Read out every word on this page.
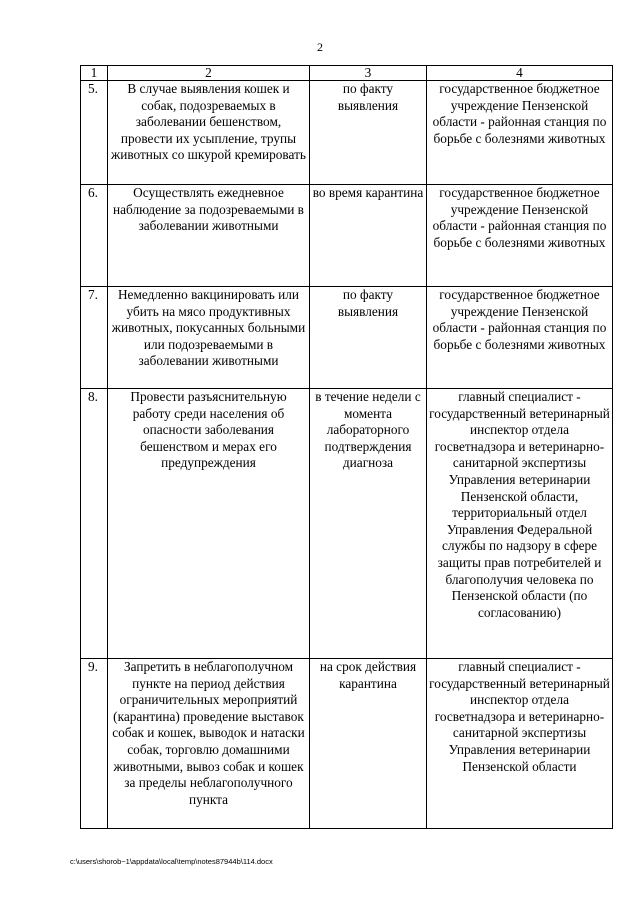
2
1	2	3	4
5.	В случае выявления кошек и собак, подозреваемых в заболевании бешенством, провести их усыпление, трупы животных со шкурой кремировать	по факту выявления	государственное бюджетное учреждение Пензенской области - районная станция по борьбе с болезнями животных
6.	Осуществлять ежедневное наблюдение за подозреваемыми в заболевании животными	во время карантина	государственное бюджетное учреждение Пензенской области - районная станция по борьбе с болезнями животных
7.	Немедленно вакцинировать или убить на мясо продуктивных животных, покусанных больными или подозреваемыми в заболевании животными	по факту выявления	государственное бюджетное учреждение Пензенской области - районная станция по борьбе с болезнями животных
8.	Провести разъяснительную работу среди населения об опасности заболевания бешенством и мерах его предупреждения	в течение недели с момента лабораторного подтверждения диагноза	главный специалист - государственный ветеринарный инспектор отдела госветнадзора и ветеринарно-санитарной экспертизы Управления ветеринарии Пензенской области, территориальный отдел Управления Федеральной службы по надзору в сфере защиты прав потребителей и благополучия человека по Пензенской области (по согласованию)
9.	Запретить в неблагополучном пункте на период действия ограничительных мероприятий (карантина) проведение выставок собак и кошек, выводок и натаски собак, торговлю домашними животными, вывоз собак и кошек за пределы неблагополучного пункта	на срок действия карантина	главный специалист - государственный ветеринарный инспектор отдела госветнадзора и ветеринарно-санитарной экспертизы Управления ветеринарии Пензенской области
c:\users\shorob~1\appdata\local\temp\notes87944b\114.docx
